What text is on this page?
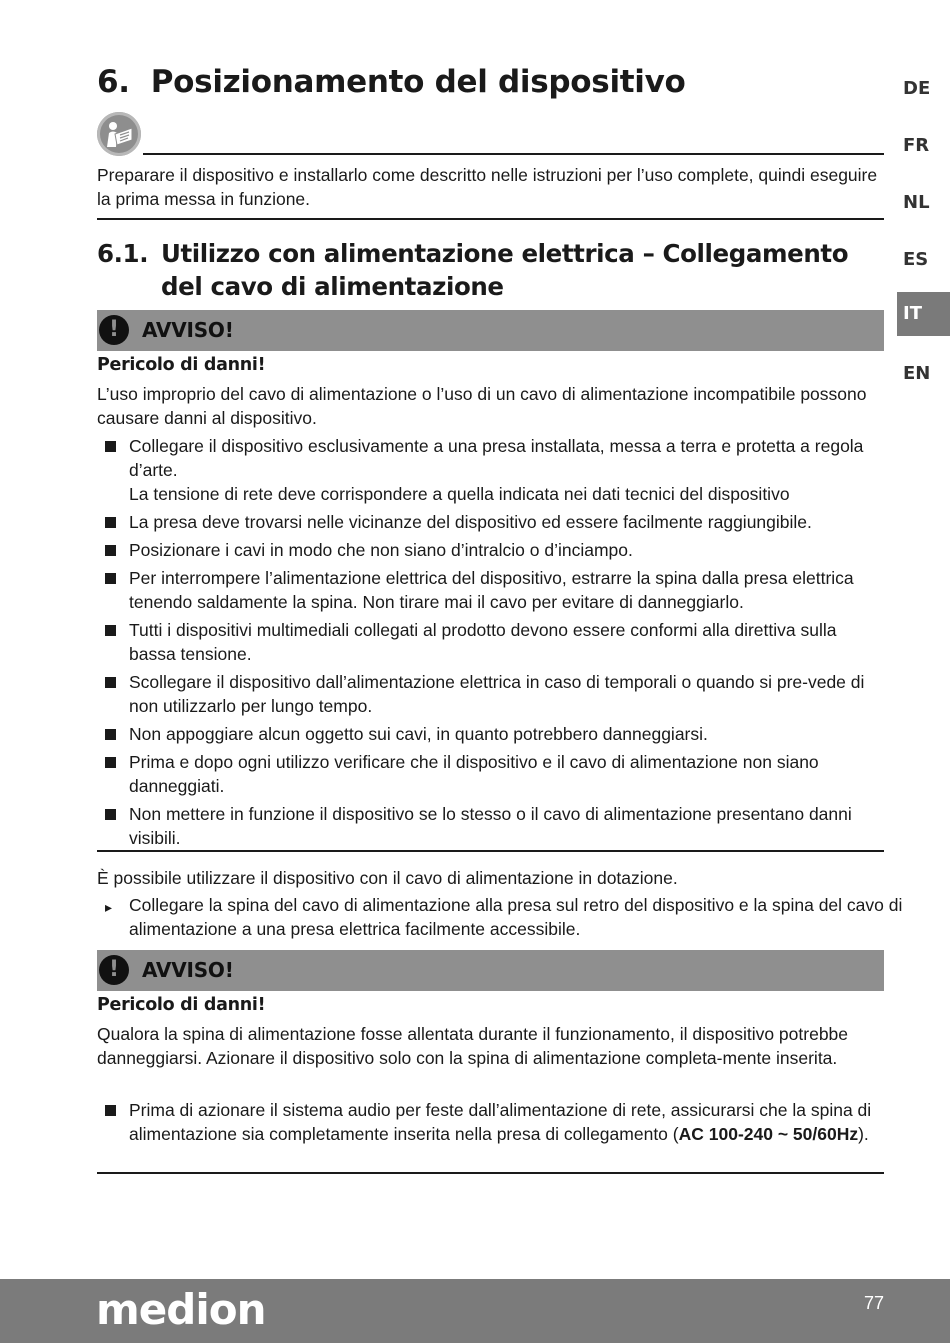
6. Posizionamento del dispositivo

Preparare il dispositivo e installarlo come descritto nelle istruzioni per l’uso complete, quindi eseguire la prima messa in funzione.

6.1. Utilizzo con alimentazione elettrica – Collegamento del cavo di alimentazione
!	AVVISO!
Pericolo di danni!

L’uso improprio del cavo di alimentazione o l’uso di un cavo di alimentazione incompatibile possono causare danni al dispositivo.

Collegare il dispositivo esclusivamente a una presa installata, messa a terra e protetta a regola d’arte.
La tensione di rete deve corrispondere a quella indicata nei dati tecnici del dispositivo
La presa deve trovarsi nelle vicinanze del dispositivo ed essere facilmente raggiungibile.
Posizionare i cavi in modo che non siano d’intralcio o d’inciampo.
Per interrompere l’alimentazione elettrica del dispositivo, estrarre la spina dalla presa elettrica tenendo saldamente la spina. Non tirare mai il cavo per evitare di danneggiarlo.
Tutti i dispositivi multimediali collegati al prodotto devono essere conformi alla direttiva sulla bassa tensione.
Scollegare il dispositivo dall’alimentazione elettrica in caso di temporali o quando si pre-vede di non utilizzarlo per lungo tempo.
Non appoggiare alcun oggetto sui cavi, in quanto potrebbero danneggiarsi.
Prima e dopo ogni utilizzo verificare che il dispositivo e il cavo di alimentazione non siano danneggiati.
Non mettere in funzione il dispositivo se lo stesso o il cavo di alimentazione presentano danni visibili.

È possibile utilizzare il dispositivo con il cavo di alimentazione in dotazione.

▸ Collegare la spina del cavo di alimentazione alla presa sul retro del dispositivo e la spina del cavo di alimentazione a una presa elettrica facilmente accessibile.
!	AVVISO!
Pericolo di danni!

Qualora la spina di alimentazione fosse allentata durante il funzionamento, il dispositivo potrebbe danneggiarsi. Azionare il dispositivo solo con la spina di alimentazione completa-mente inserita.

Prima di azionare il sistema audio per feste dall’alimentazione di rete, assicurarsi che la spina di alimentazione sia completamente inserita nella presa di collegamento (AC 100-240 ~ 50/60Hz).
DE
FR
NL
ES
IT
EN
medion	77
